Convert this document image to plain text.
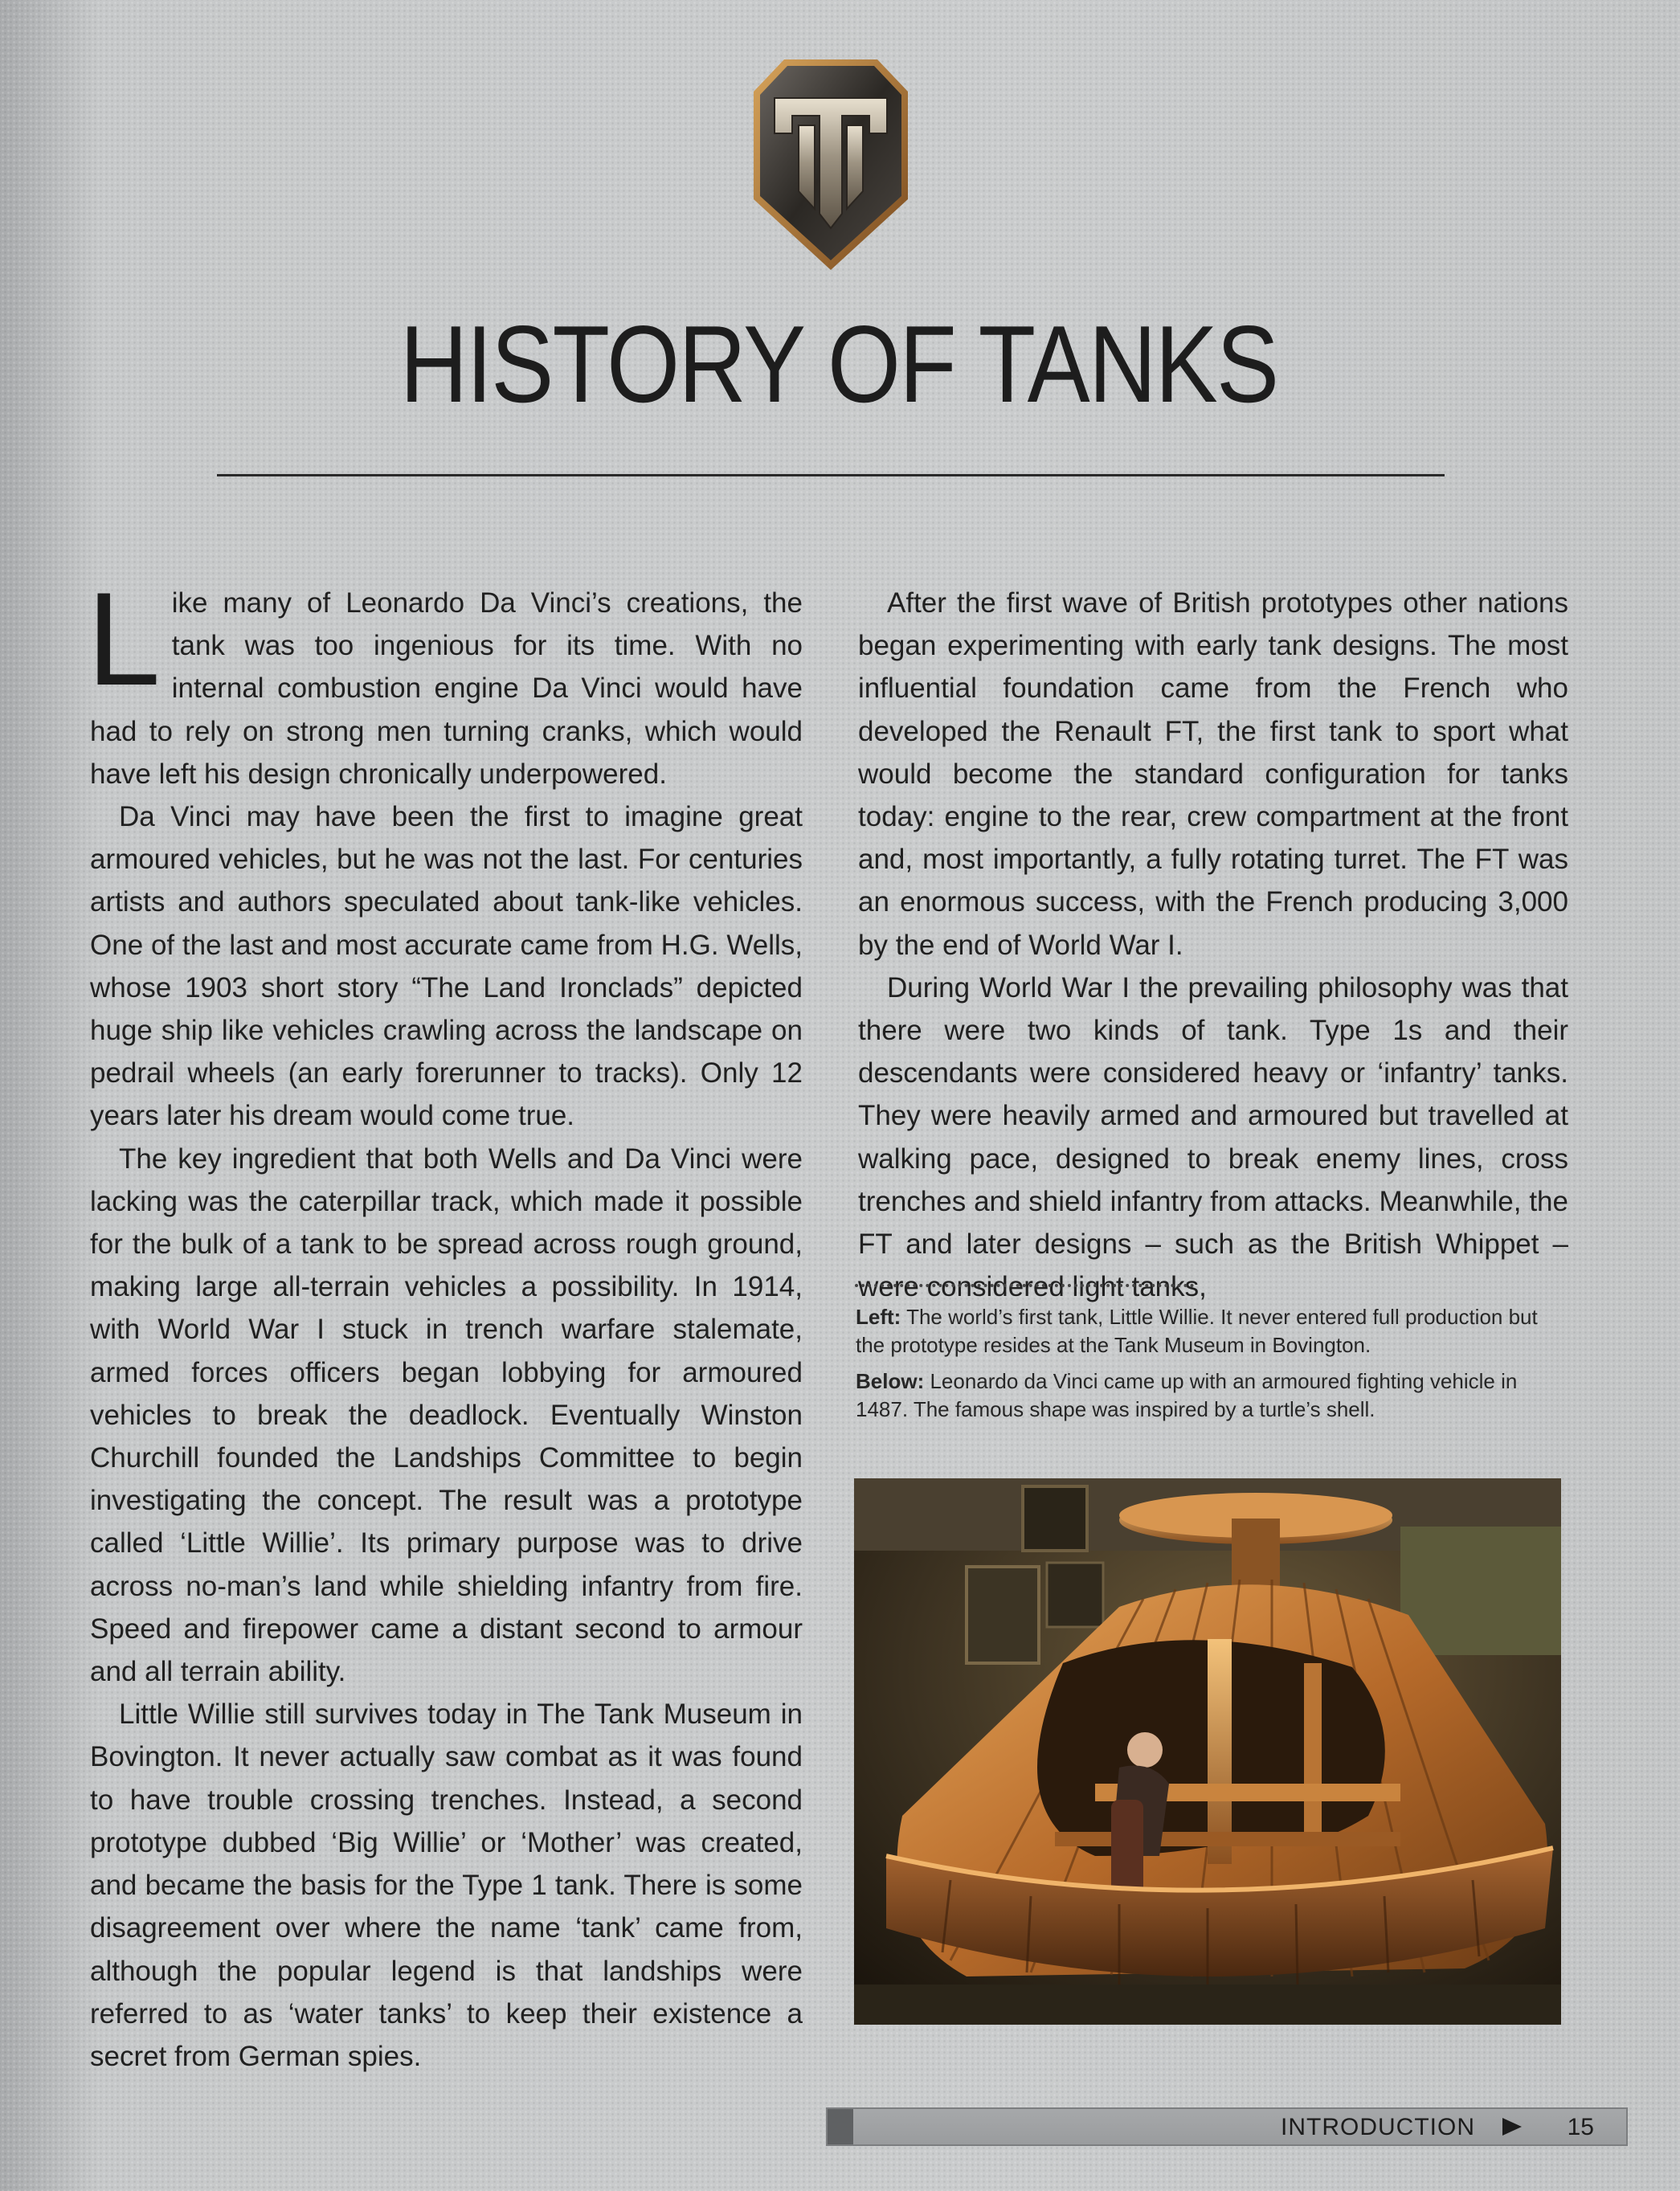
HISTORY OF TANKS

Like many of Leonardo Da Vinci’s creations, the tank was too ingenious for its time. With no internal combustion engine Da Vinci would have had to rely on strong men turning cranks, which would have left his design chronically underpowered.

Da Vinci may have been the first to imagine great armoured vehicles, but he was not the last. For centuries artists and authors speculated about tank-like vehicles. One of the last and most accurate came from H.G. Wells, whose 1903 short story “The Land Ironclads” depicted huge ship like vehicles crawling across the landscape on pedrail wheels (an early forerunner to tracks). Only 12 years later his dream would come true.

The key ingredient that both Wells and Da Vinci were lacking was the caterpillar track, which made it possible for the bulk of a tank to be spread across rough ground, making large all-terrain vehicles a possibility. In 1914, with World War I stuck in trench warfare stalemate, armed forces officers began lobbying for armoured vehicles to break the deadlock. Eventually Winston Churchill founded the Landships Committee to begin investigating the concept. The result was a prototype called ‘Little Willie’. Its primary purpose was to drive across no-man’s land while shielding infantry from fire. Speed and firepower came a distant second to armour and all terrain ability.

Little Willie still survives today in The Tank Museum in Bovington. It never actually saw combat as it was found to have trouble crossing trenches. Instead, a second prototype dubbed ‘Big Willie’ or ‘Mother’ was created, and became the basis for the Type 1 tank. There is some disagreement over where the name ‘tank’ came from, although the popular legend is that landships were referred to as ‘water tanks’ to keep their existence a secret from German spies.

After the first wave of British prototypes other nations began experimenting with early tank designs. The most influential foundation came from the French who developed the Renault FT, the first tank to sport what would become the standard configuration for tanks today: engine to the rear, crew compartment at the front and, most importantly, a fully rotating turret. The FT was an enormous success, with the French producing 3,000 by the end of World War I.

During World War I the prevailing philosophy was that there were two kinds of tank. Type 1s and their descendants were considered heavy or ‘infantry’ tanks. They were heavily armed and armoured but travelled at walking pace, designed to break enemy lines, cross trenches and shield infantry from attacks. Meanwhile, the FT and later designs – such as the British Whippet – were considered light tanks,

Left: The world’s first tank, Little Willie. It never entered full production but the prototype resides at the Tank Museum in Bovington.

Below: Leonardo da Vinci came up with an armoured fighting vehicle in 1487. The famous shape was inspired by a turtle’s shell.

INTRODUCTION	15
